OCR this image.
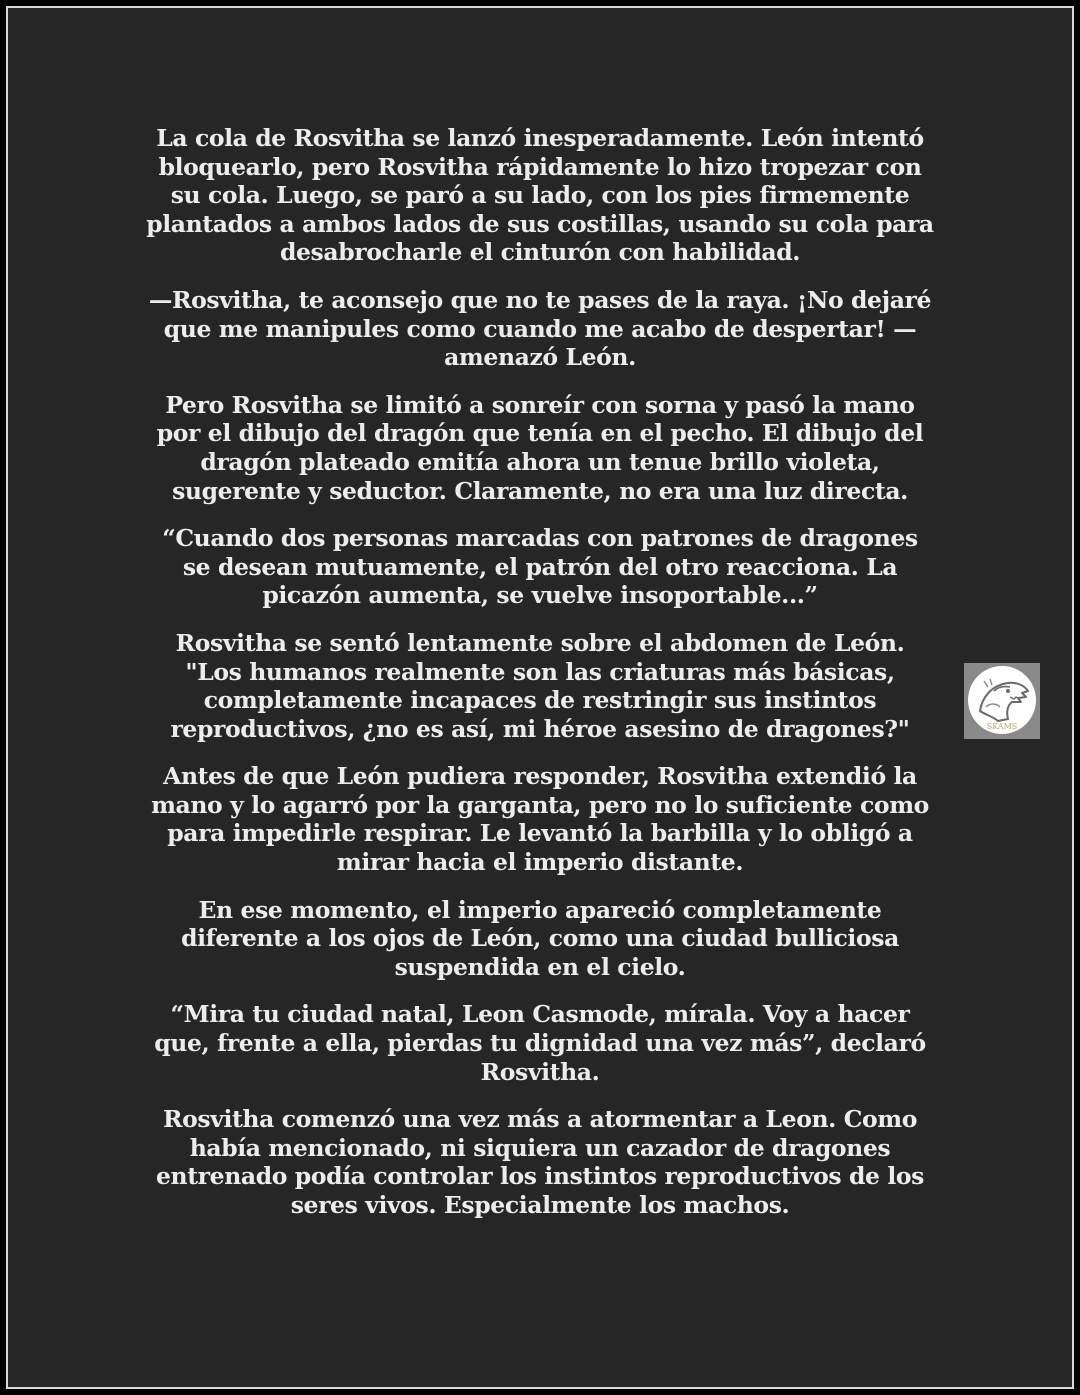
La cola de Rosvitha se lanzó inesperadamente. León intentó bloquearlo, pero Rosvitha rápidamente lo hizo tropezar con su cola. Luego, se paró a su lado, con los pies firmemente plantados a ambos lados de sus costillas, usando su cola para desabrocharle el cinturón con habilidad.

—Rosvitha, te aconsejo que no te pases de la raya. ¡No dejaré que me manipules como cuando me acabo de despertar! —amenazó León.

Pero Rosvitha se limitó a sonreír con sorna y pasó la mano por el dibujo del dragón que tenía en el pecho. El dibujo del dragón plateado emitía ahora un tenue brillo violeta, sugerente y seductor. Claramente, no era una luz directa.

“Cuando dos personas marcadas con patrones de dragones se desean mutuamente, el patrón del otro reacciona. La picazón aumenta, se vuelve insoportable...”

Rosvitha se sentó lentamente sobre el abdomen de León. "Los humanos realmente son las criaturas más básicas, completamente incapaces de restringir sus instintos reproductivos, ¿no es así, mi héroe asesino de dragones?"

Antes de que León pudiera responder, Rosvitha extendió la mano y lo agarró por la garganta, pero no lo suficiente como para impedirle respirar. Le levantó la barbilla y lo obligó a mirar hacia el imperio distante.

En ese momento, el imperio apareció completamente diferente a los ojos de León, como una ciudad bulliciosa suspendida en el cielo.

“Mira tu ciudad natal, Leon Casmode, mírala. Voy a hacer que, frente a ella, pierdas tu dignidad una vez más”, declaró Rosvitha.

Rosvitha comenzó una vez más a atormentar a Leon. Como había mencionado, ni siquiera un cazador de dragones entrenado podía controlar los instintos reproductivos de los seres vivos. Especialmente los machos.

SKAMS
